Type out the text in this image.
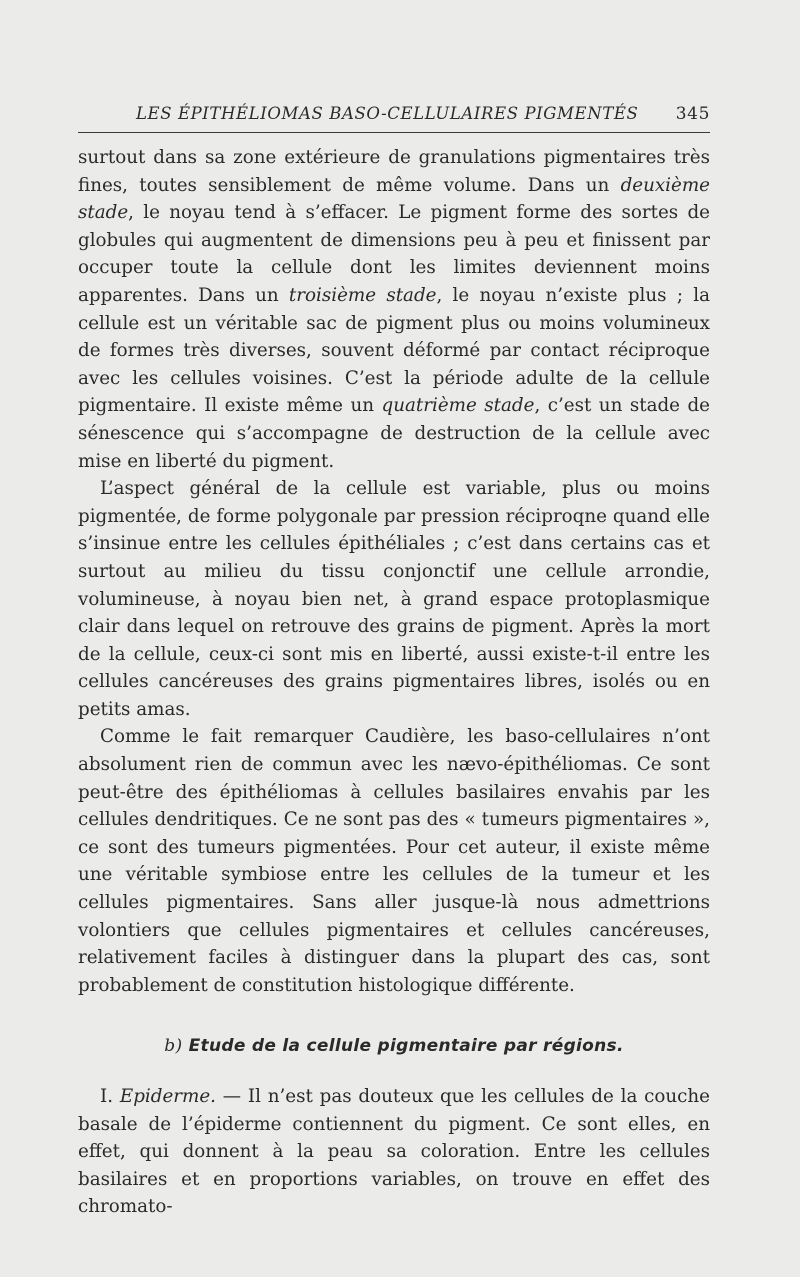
LES ÉPITHÉLIOMAS BASO-CELLULAIRES PIGMENTÉS 345

surtout dans sa zone extérieure de granulations pigmentaires très fines, toutes sensiblement de même volume. Dans un deuxième stade, le noyau tend à s’effacer. Le pigment forme des sortes de globules qui augmentent de dimensions peu à peu et finissent par occuper toute la cellule dont les limites deviennent moins apparentes. Dans un troisième stade, le noyau n’existe plus ; la cellule est un véritable sac de pigment plus ou moins volumineux de formes très diverses, souvent déformé par contact réciproque avec les cellules voisines. C’est la période adulte de la cellule pigmentaire. Il existe même un quatrième stade, c’est un stade de sénescence qui s’accompagne de destruction de la cellule avec mise en liberté du pigment.

L’aspect général de la cellule est variable, plus ou moins pigmentée, de forme polygonale par pression réciproqne quand elle s’insinue entre les cellules épithéliales ; c’est dans certains cas et surtout au milieu du tissu conjonctif une cellule arrondie, volumineuse, à noyau bien net, à grand espace protoplasmique clair dans lequel on retrouve des grains de pigment. Après la mort de la cellule, ceux-ci sont mis en liberté, aussi existe-t-il entre les cellules cancéreuses des grains pigmentaires libres, isolés ou en petits amas.

Comme le fait remarquer Caudière, les baso-cellulaires n’ont absolument rien de commun avec les nævo-épithéliomas. Ce sont peut-être des épithéliomas à cellules basilaires envahis par les cellules dendritiques. Ce ne sont pas des « tumeurs pigmentaires », ce sont des tumeurs pigmentées. Pour cet auteur, il existe même une véritable symbiose entre les cellules de la tumeur et les cellules pigmentaires. Sans aller jusque-là nous admettrions volontiers que cellules pigmentaires et cellules cancéreuses, relativement faciles à distinguer dans la plupart des cas, sont probablement de constitution histologique différente.

b) Etude de la cellule pigmentaire par régions.

I. Epiderme. — Il n’est pas douteux que les cellules de la couche basale de l’épiderme contiennent du pigment. Ce sont elles, en effet, qui donnent à la peau sa coloration. Entre les cellules basilaires et en proportions variables, on trouve en effet des chromato-
